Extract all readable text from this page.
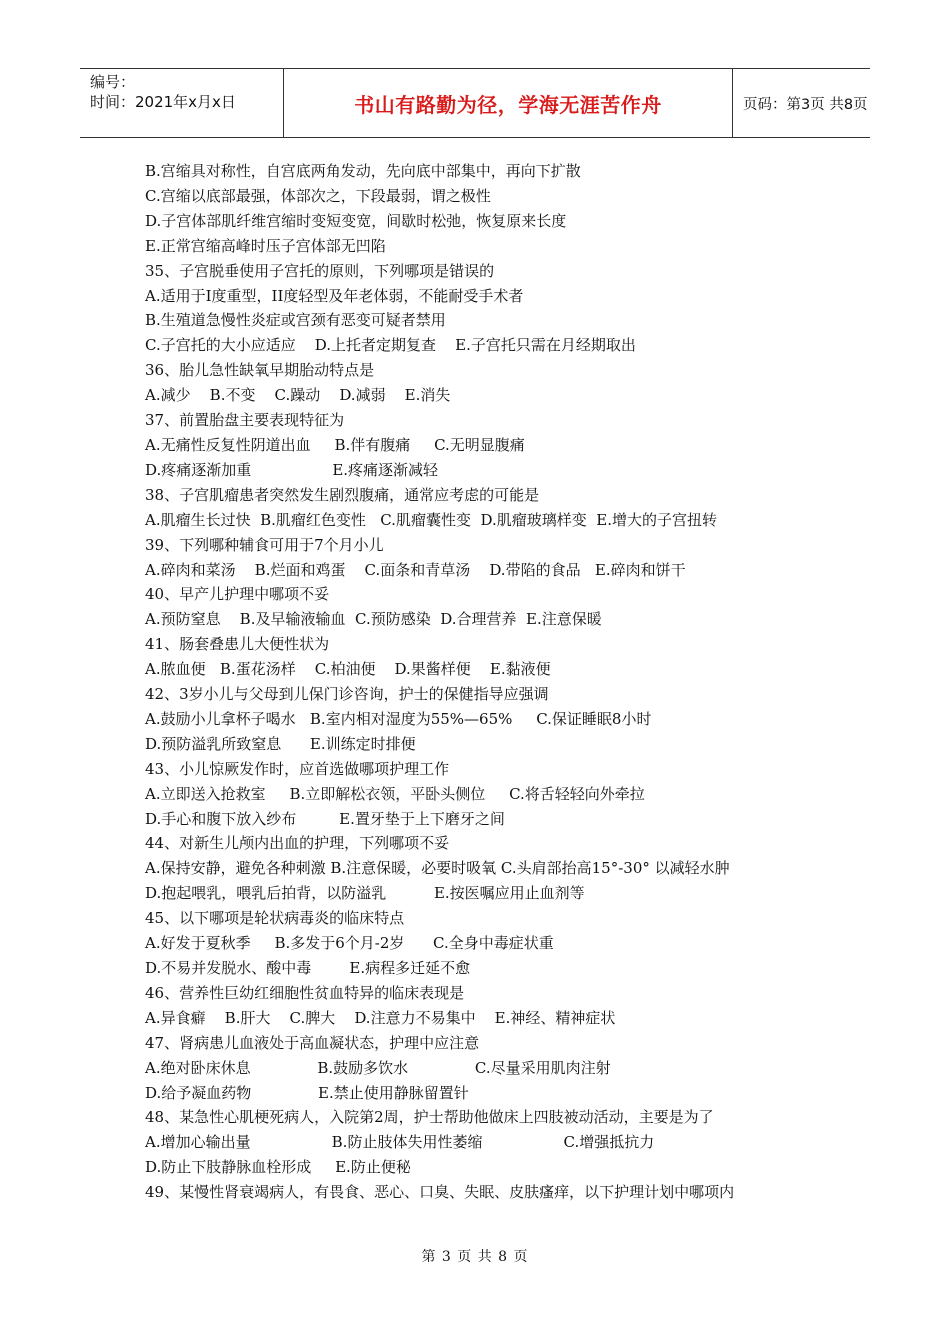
编号：
时间：2021年x月x日	书山有路勤为径，学海无涯苦作舟	页码：第3页 共8页
B.宫缩具对称性，自宫底两角发动，先向底中部集中，再向下扩散
C.宫缩以底部最强，体部次之，下段最弱，谓之极性
D.子宫体部肌纤维宫缩时变短变宽，间歇时松弛，恢复原来长度
E.正常宫缩高峰时压子宫体部无凹陷
35、子宫脱垂使用子宫托的原则，下列哪项是错误的
A.适用于Ⅰ度重型，II度轻型及年老体弱，不能耐受手术者
B.生殖道急慢性炎症或宫颈有恶变可疑者禁用
C.子宫托的大小应适应    D.上托者定期复查    E.子宫托只需在月经期取出
36、胎儿急性缺氧早期胎动特点是
A.减少    B.不变    C.躁动    D.减弱    E.消失
37、前置胎盘主要表现特征为
A.无痛性反复性阴道出血     B.伴有腹痛     C.无明显腹痛
D.疼痛逐渐加重                 E.疼痛逐渐减轻
38、子宫肌瘤患者突然发生剧烈腹痛，通常应考虑的可能是
A.肌瘤生长过快  B.肌瘤红色变性   C.肌瘤囊性变  D.肌瘤玻璃样变  E.增大的子宫扭转
39、下列哪种辅食可用于7个月小儿
A.碎肉和菜汤    B.烂面和鸡蛋    C.面条和青草汤    D.带陷的食品   E.碎肉和饼干
40、早产儿护理中哪项不妥
A.预防窒息    B.及早输液输血  C.预防感染  D.合理营养  E.注意保暖
41、肠套叠患儿大便性状为
A.脓血便   B.蛋花汤样    C.柏油便    D.果酱样便    E.黏液便
42、3岁小儿与父母到儿保门诊咨询，护士的保健指导应强调
A.鼓励小儿拿杯子喝水   B.室内相对湿度为55%—65%     C.保证睡眠8小时
D.预防溢乳所致窒息      E.训练定时排便
43、小儿惊厥发作时，应首选做哪项护理工作
A.立即送入抢救室     B.立即解松衣领，平卧头侧位     C.将舌轻轻向外牵拉
D.手心和腹下放入纱布         E.置牙垫于上下磨牙之间
44、对新生儿颅内出血的护理，下列哪项不妥
A.保持安静，避免各种刺激 B.注意保暖，必要时吸氧 C.头肩部抬高15°-30° 以减轻水肿
D.抱起喂乳，喂乳后拍背，以防溢乳          E.按医嘱应用止血剂等
45、以下哪项是轮状病毒炎的临床特点
A.好发于夏秋季     B.多发于6个月-2岁      C.全身中毒症状重
D.不易并发脱水、酸中毒        E.病程多迁延不愈
46、营养性巨幼红细胞性贫血特异的临床表现是
A.异食癖    B.肝大    C.脾大    D.注意力不易集中    E.神经、精神症状
47、肾病患儿血液处于高血凝状态，护理中应注意
A.绝对卧床休息              B.鼓励多饮水              C.尽量采用肌肉注射
D.给予凝血药物              E.禁止使用静脉留置针
48、某急性心肌梗死病人，入院第2周，护士帮助他做床上四肢被动活动，主要是为了
A.增加心输出量                 B.防止肢体失用性萎缩                 C.增强抵抗力
D.防止下肢静脉血栓形成     E.防止便秘
49、某慢性肾衰竭病人，有畏食、恶心、口臭、失眠、皮肤瘙痒，以下护理计划中哪项内
第 3 页 共 8 页
